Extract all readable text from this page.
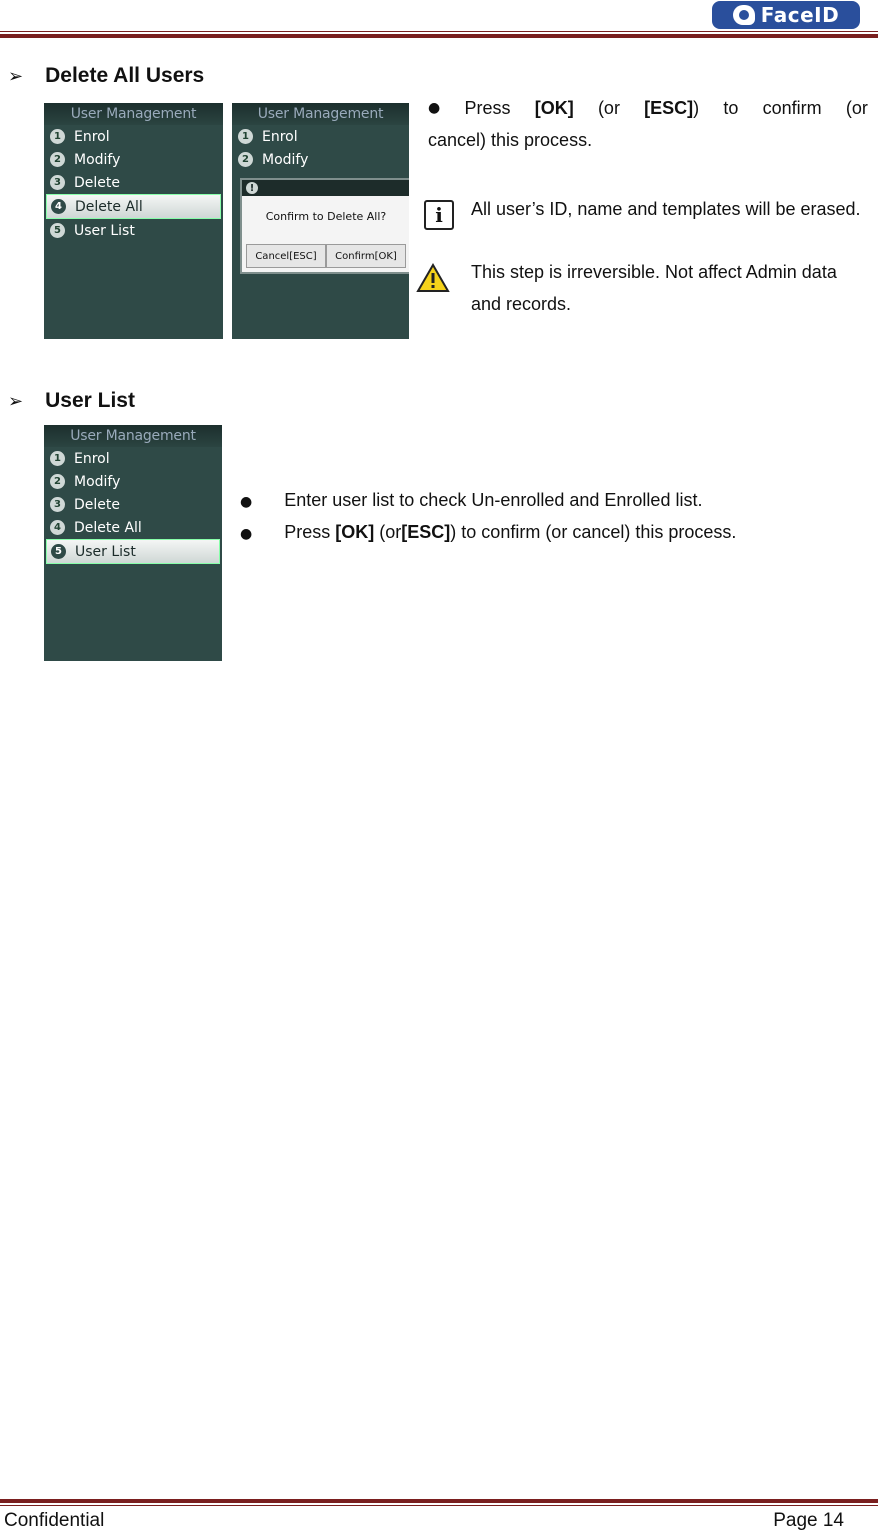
FaceID
➢ Delete All Users
User Management
1 Enrol
2 Modify
3 Delete
4 Delete All
5 User List
User Management
1 Enrol
2 Modify
!
Confirm to Delete All?
Cancel[ESC]	Confirm[OK]
● Press [OK] (or [ESC]) to confirm (or
cancel) this process.
i	All user’s ID, name and templates will be erased.
This step is irreversible. Not affect Admin data and records.
➢ User List
User Management
1 Enrol
2 Modify
3 Delete
4 Delete All
5 User List
● Enter user list to check Un-enrolled and Enrolled list.
● Press [OK] (or[ESC]) to confirm (or cancel) this process.
Confidential	Page 14
